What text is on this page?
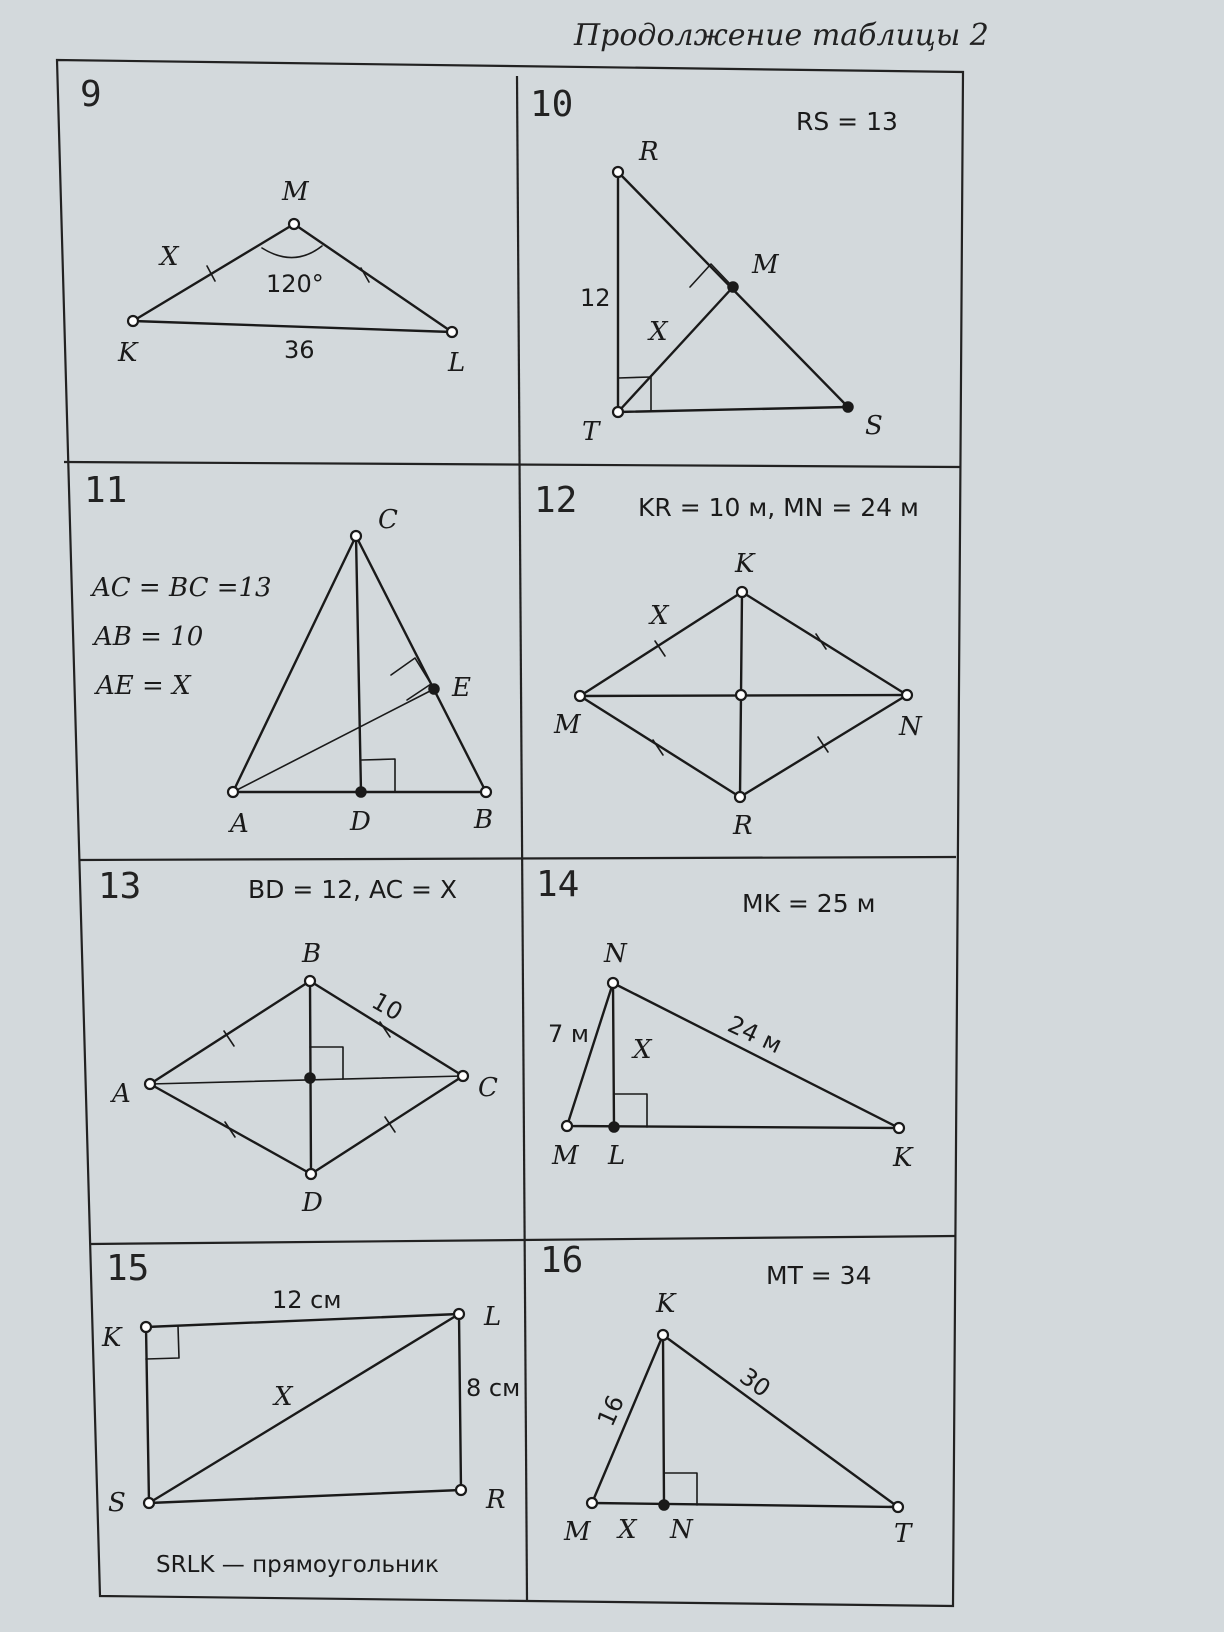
Продолжение таблицы 2
9
M
K	L
X
120°
36
10	RS = 13
R
M
T	S
X
12
11
AC = BC =13
AB = 10
AE = X
C
E
A	D	B
12 KR = 10 м, MN = 24 м
K
M	N
R
X
13	BD = 12, AC = X
B
A	C
D
10
14	MK = 25 м
N
M L	K
X
7 м	24 м
15
K
L
S	R
X
12 см
8 см
SRLK — прямоугольник
16	MT = 34
K
M X N	T
16
30
